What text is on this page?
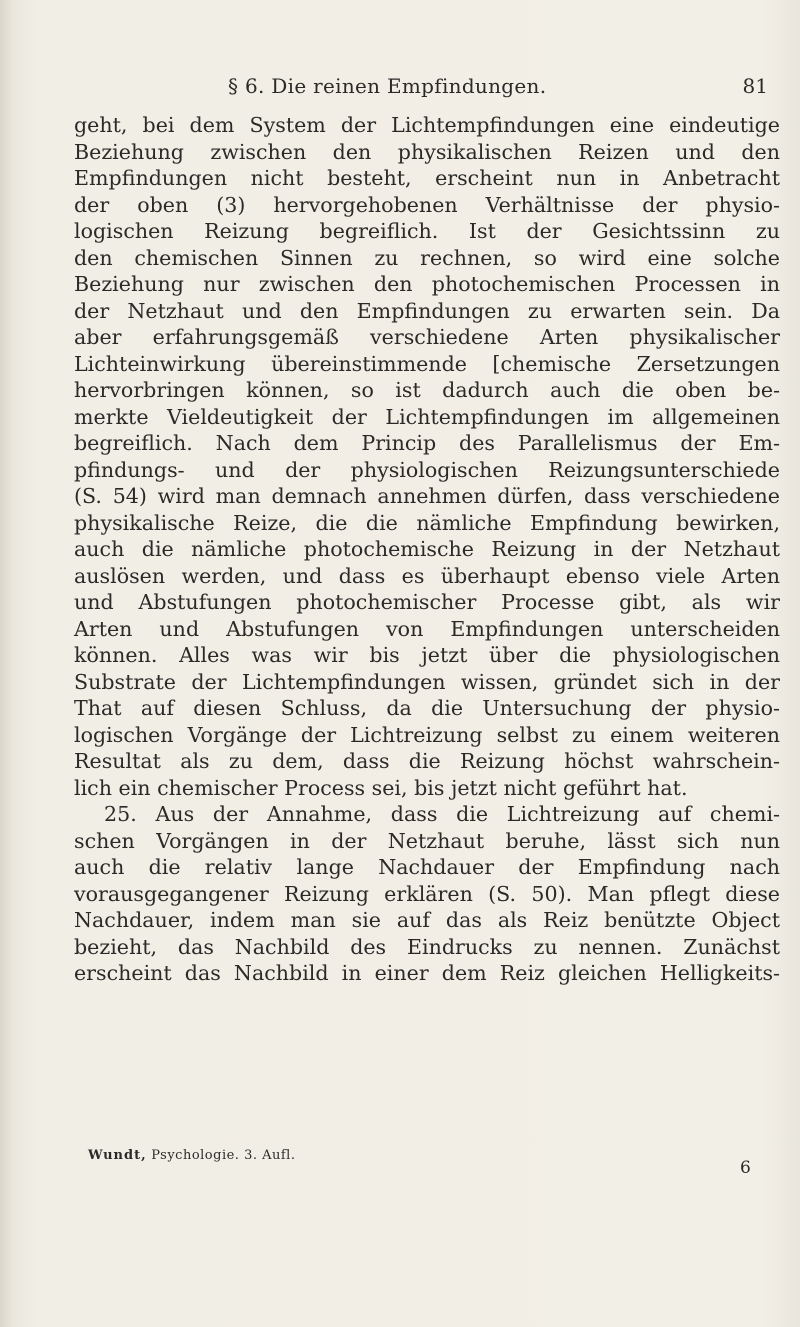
§ 6. Die reinen Empfindungen.	81
geht, bei dem System der Lichtempfindungen eine eindeutige
Beziehung zwischen den physikalischen Reizen und den
Empfindungen nicht besteht, erscheint nun in Anbetracht
der oben (3) hervorgehobenen Verhältnisse der physio-
logischen Reizung begreiflich. Ist der Gesichtssinn zu
den chemischen Sinnen zu rechnen, so wird eine solche
Beziehung nur zwischen den photochemischen Processen in
der Netzhaut und den Empfindungen zu erwarten sein. Da
aber erfahrungsgemäß verschiedene Arten physikalischer
Lichteinwirkung übereinstimmende [chemische Zersetzungen
hervorbringen können, so ist dadurch auch die oben be-
merkte Vieldeutigkeit der Lichtempfindungen im allgemeinen
begreiflich. Nach dem Princip des Parallelismus der Em-
pfindungs- und der physiologischen Reizungsunterschiede
(S. 54) wird man demnach annehmen dürfen, dass verschiedene
physikalische Reize, die die nämliche Empfindung bewirken,
auch die nämliche photochemische Reizung in der Netzhaut
auslösen werden, und dass es überhaupt ebenso viele Arten
und Abstufungen photochemischer Processe gibt, als wir
Arten und Abstufungen von Empfindungen unterscheiden
können. Alles was wir bis jetzt über die physiologischen
Substrate der Lichtempfindungen wissen, gründet sich in der
That auf diesen Schluss, da die Untersuchung der physio-
logischen Vorgänge der Lichtreizung selbst zu einem weiteren
Resultat als zu dem, dass die Reizung höchst wahrschein-
lich ein chemischer Process sei, bis jetzt nicht geführt hat.
25. Aus der Annahme, dass die Lichtreizung auf chemi-
schen Vorgängen in der Netzhaut beruhe, lässt sich nun
auch die relativ lange Nachdauer der Empfindung nach
vorausgegangener Reizung erklären (S. 50). Man pflegt diese
Nachdauer, indem man sie auf das als Reiz benützte Object
bezieht, das Nachbild des Eindrucks zu nennen. Zunächst
erscheint das Nachbild in einer dem Reiz gleichen Helligkeits-
Wundt, Psychologie. 3. Aufl.
6
